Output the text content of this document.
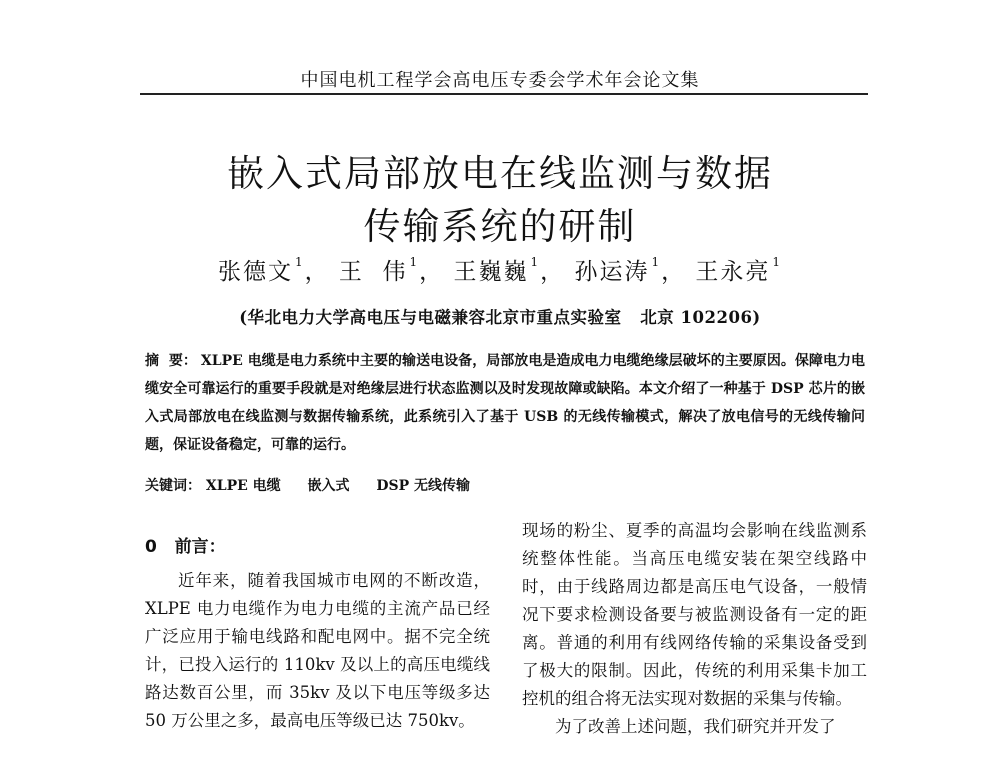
中国电机工程学会高电压专委会学术年会论文集
嵌入式局部放电在线监测与数据
传输系统的研制
张德文 $^1$， 王  伟 $^1$， 王巍巍 $^1$， 孙运涛 $^1$， 王永亮 $^1$
(华北电力大学高电压与电磁兼容北京市重点实验室   北京 102206)
摘  要： XLPE 电缆是电力系统中主要的输送电设备，局部放电是造成电力电缆绝缘层破坏的主要原因。保障电力电缆安全可靠运行的重要手段就是对绝缘层进行状态监测以及时发现故障或缺陷。本文介绍了一种基于 DSP 芯片的嵌入式局部放电在线监测与数据传输系统，此系统引入了基于 USB 的无线传输模式，解决了放电信号的无线传输问题，保证设备稳定，可靠的运行。
关键词： XLPE 电缆 嵌入式 DSP 无线传输
0   前言：
近年来，随着我国城市电网的不断改造，XLPE 电力电缆作为电力电缆的主流产品已经广泛应用于输电线路和配电网中。据不完全统计，已投入运行的 110kv 及以上的高压电缆线路达数百公里，而 35kv 及以下电压等级多达 50 万公里之多，最高电压等级已达 750kv。
现场的粉尘、夏季的高温均会影响在线监测系统整体性能。当高压电缆安装在架空线路中时，由于线路周边都是高压电气设备，一般情况下要求检测设备要与被监测设备有一定的距离。普通的利用有线网络传输的采集设备受到了极大的限制。因此，传统的利用采集卡加工控机的组合将无法实现对数据的采集与传输。
为了改善上述问题，我们研究并开发了
